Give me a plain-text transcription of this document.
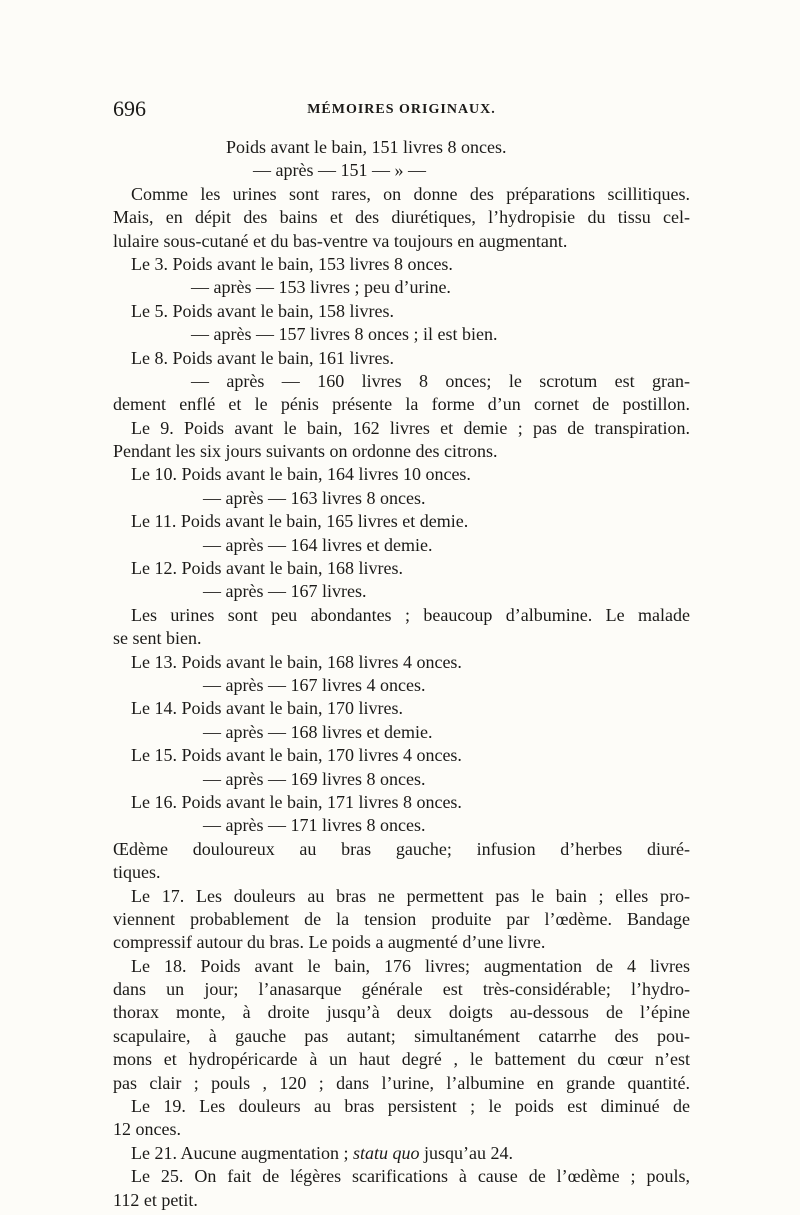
696	MÉMOIRES ORIGINAUX.
Poids avant le bain, 151 livres 8 onces.
— après — 151 — » —
Comme les urines sont rares, on donne des préparations scillitiques.
Mais, en dépit des bains et des diurétiques, l’hydropisie du tissu cel-
lulaire sous-cutané et du bas-ventre va toujours en augmentant.
Le 3. Poids avant le bain, 153 livres 8 onces.
— après — 153 livres ; peu d’urine.
Le 5. Poids avant le bain, 158 livres.
— après — 157 livres 8 onces ; il est bien.
Le 8. Poids avant le bain, 161 livres.
— après — 160 livres 8 onces; le scrotum est gran-
dement enflé et le pénis présente la forme d’un cornet de postillon.
Le 9. Poids avant le bain, 162 livres et demie ; pas de transpiration.
Pendant les six jours suivants on ordonne des citrons.
Le 10. Poids avant le bain, 164 livres 10 onces.
— après — 163 livres 8 onces.
Le 11. Poids avant le bain, 165 livres et demie.
— après — 164 livres et demie.
Le 12. Poids avant le bain, 168 livres.
— après — 167 livres.
Les urines sont peu abondantes ; beaucoup d’albumine. Le malade
se sent bien.
Le 13. Poids avant le bain, 168 livres 4 onces.
— après — 167 livres 4 onces.
Le 14. Poids avant le bain, 170 livres.
— après — 168 livres et demie.
Le 15. Poids avant le bain, 170 livres 4 onces.
— après — 169 livres 8 onces.
Le 16. Poids avant le bain, 171 livres 8 onces.
— après — 171 livres 8 onces.
Œdème douloureux au bras gauche; infusion d’herbes diuré-
tiques.
Le 17. Les douleurs au bras ne permettent pas le bain ; elles pro-
viennent probablement de la tension produite par l’œdème. Bandage
compressif autour du bras. Le poids a augmenté d’une livre.
Le 18. Poids avant le bain, 176 livres; augmentation de 4 livres
dans un jour; l’anasarque générale est très-considérable; l’hydro-
thorax monte, à droite jusqu’à deux doigts au-dessous de l’épine
scapulaire, à gauche pas autant; simultanément catarrhe des pou-
mons et hydropéricarde à un haut degré , le battement du cœur n’est
pas clair ; pouls , 120 ; dans l’urine, l’albumine en grande quantité.
Le 19. Les douleurs au bras persistent ; le poids est diminué de
12 onces.
Le 21. Aucune augmentation ; statu quo jusqu’au 24.
Le 25. On fait de légères scarifications à cause de l’œdème ; pouls,
112 et petit.
